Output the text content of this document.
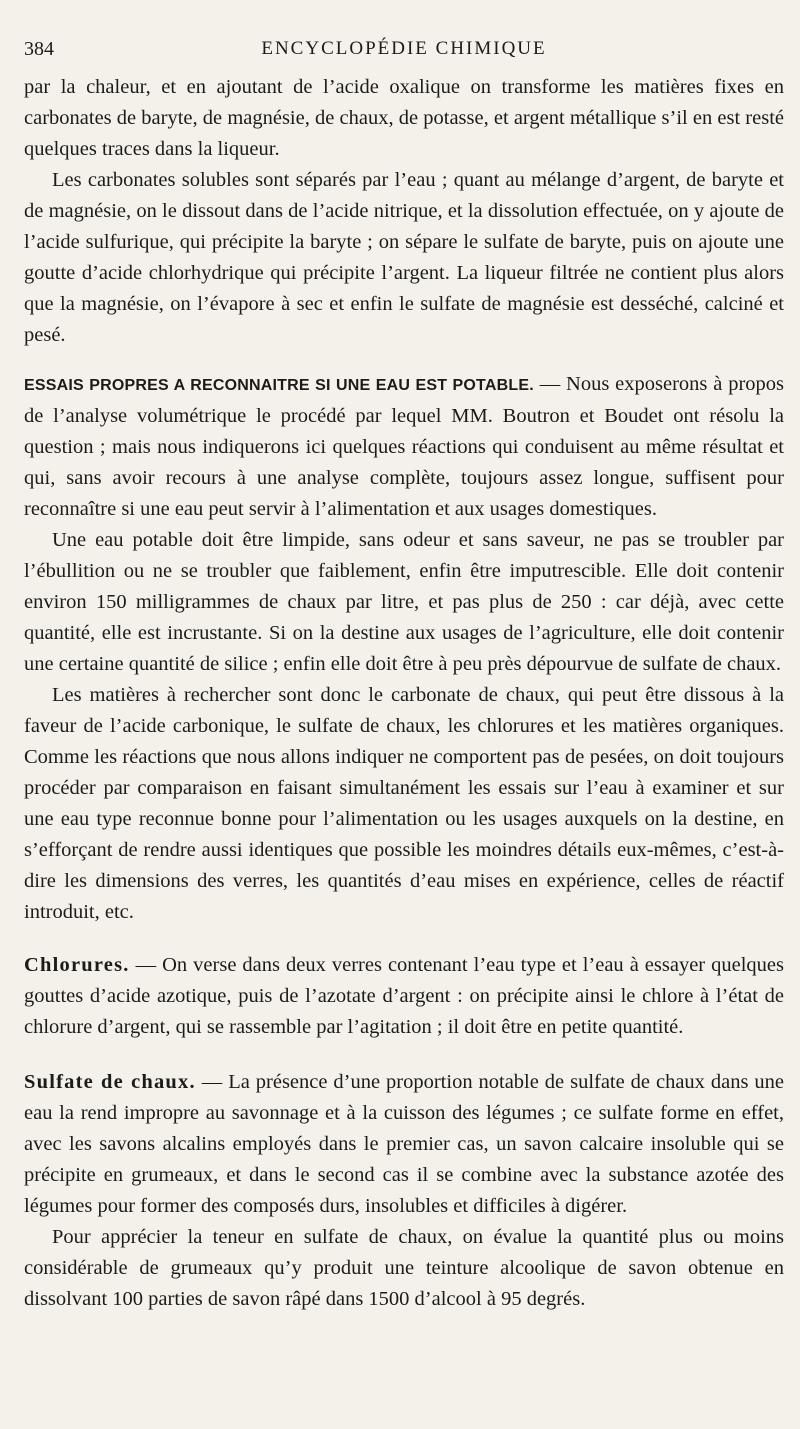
384	ENCYCLOPÉDIE CHIMIQUE

par la chaleur, et en ajoutant de l’acide oxalique on transforme les matières fixes en carbonates de baryte, de magnésie, de chaux, de potasse, et argent métallique s’il en est resté quelques traces dans la liqueur.

Les carbonates solubles sont séparés par l’eau ; quant au mélange d’argent, de baryte et de magnésie, on le dissout dans de l’acide nitrique, et la dissolution effectuée, on y ajoute de l’acide sulfurique, qui précipite la baryte ; on sépare le sulfate de baryte, puis on ajoute une goutte d’acide chlorhydrique qui précipite l’argent. La liqueur filtrée ne contient plus alors que la magnésie, on l’évapore à sec et enfin le sulfate de magnésie est desséché, calciné et pesé.

ESSAIS PROPRES A RECONNAITRE SI UNE EAU EST POTABLE. — Nous exposerons à propos de l’analyse volumétrique le procédé par lequel MM. Boutron et Boudet ont résolu la question ; mais nous indiquerons ici quelques réactions qui conduisent au même résultat et qui, sans avoir recours à une analyse complète, toujours assez longue, suffisent pour reconnaître si une eau peut servir à l’alimentation et aux usages domestiques.

Une eau potable doit être limpide, sans odeur et sans saveur, ne pas se troubler par l’ébullition ou ne se troubler que faiblement, enfin être imputrescible. Elle doit contenir environ 150 milligrammes de chaux par litre, et pas plus de 250 : car déjà, avec cette quantité, elle est incrustante. Si on la destine aux usages de l’agriculture, elle doit contenir une certaine quantité de silice ; enfin elle doit être à peu près dépourvue de sulfate de chaux.

Les matières à rechercher sont donc le carbonate de chaux, qui peut être dissous à la faveur de l’acide carbonique, le sulfate de chaux, les chlorures et les matières organiques. Comme les réactions que nous allons indiquer ne comportent pas de pesées, on doit toujours procéder par comparaison en faisant simultanément les essais sur l’eau à examiner et sur une eau type reconnue bonne pour l’alimentation ou les usages auxquels on la destine, en s’efforçant de rendre aussi identiques que possible les moindres détails eux-mêmes, c’est-à-dire les dimensions des verres, les quantités d’eau mises en expérience, celles de réactif introduit, etc.

Chlorures. — On verse dans deux verres contenant l’eau type et l’eau à essayer quelques gouttes d’acide azotique, puis de l’azotate d’argent : on précipite ainsi le chlore à l’état de chlorure d’argent, qui se rassemble par l’agitation ; il doit être en petite quantité.

Sulfate de chaux. — La présence d’une proportion notable de sulfate de chaux dans une eau la rend impropre au savonnage et à la cuisson des légumes ; ce sulfate forme en effet, avec les savons alcalins employés dans le premier cas, un savon calcaire insoluble qui se précipite en grumeaux, et dans le second cas il se combine avec la substance azotée des légumes pour former des composés durs, insolubles et difficiles à digérer.

Pour apprécier la teneur en sulfate de chaux, on évalue la quantité plus ou moins considérable de grumeaux qu’y produit une teinture alcoolique de savon obtenue en dissolvant 100 parties de savon râpé dans 1500 d’alcool à 95 degrés.
